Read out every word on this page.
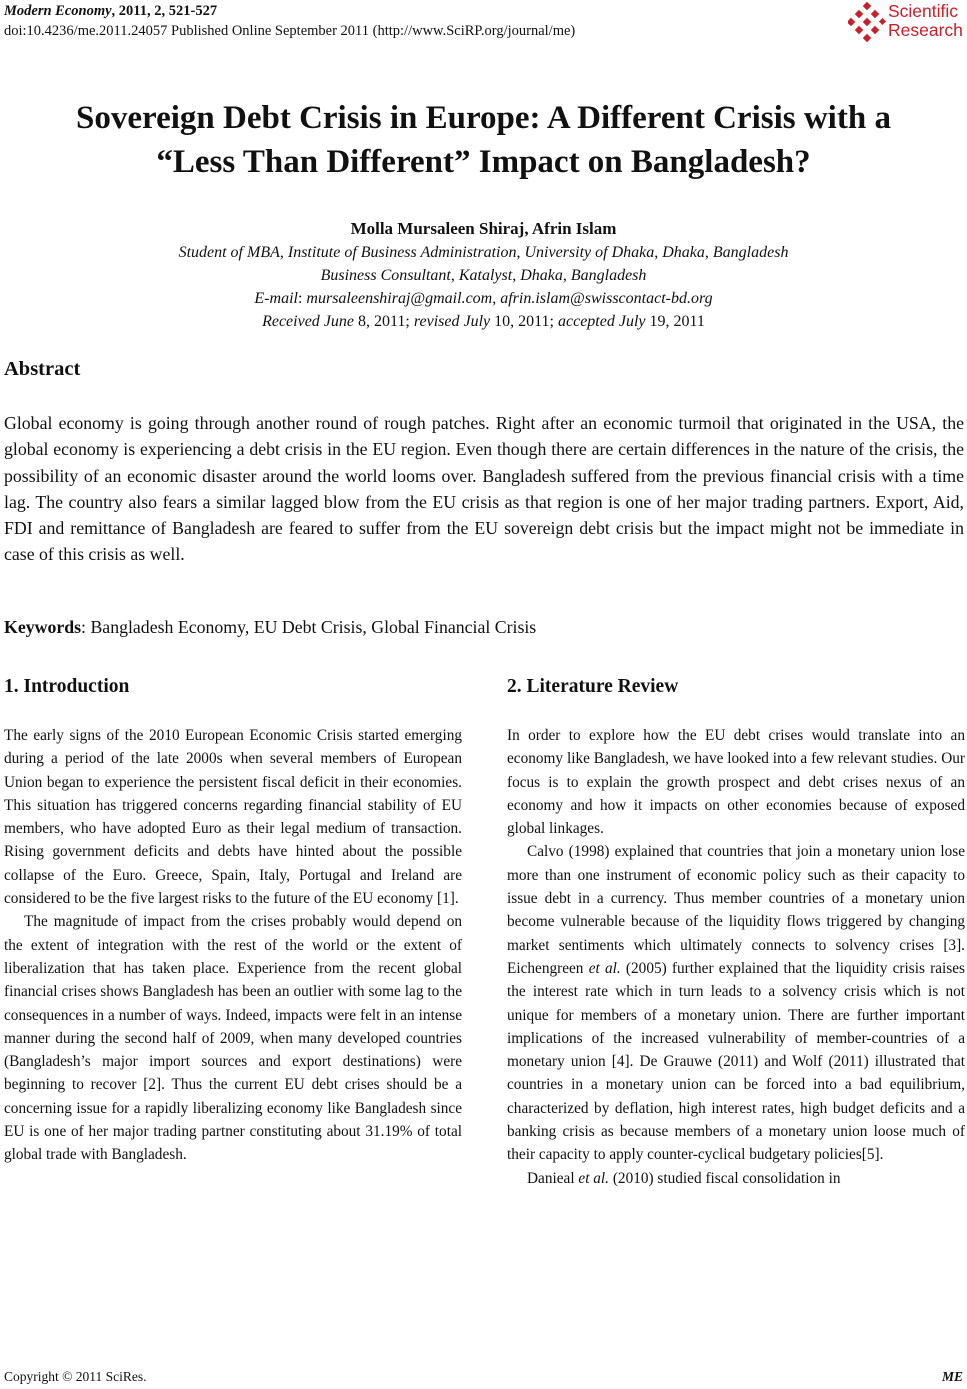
Modern Economy, 2011, 2, 521-527
doi:10.4236/me.2011.24057 Published Online September 2011 (http://www.SciRP.org/journal/me)
Scientific
Research
Sovereign Debt Crisis in Europe: A Different Crisis with a
“Less Than Different” Impact on Bangladesh?
Molla Mursaleen Shiraj, Afrin Islam
Student of MBA, Institute of Business Administration, University of Dhaka, Dhaka, Bangladesh
Business Consultant, Katalyst, Dhaka, Bangladesh
E-mail: mursaleenshiraj@gmail.com, afrin.islam@swisscontact-bd.org
Received June 8, 2011; revised July 10, 2011; accepted July 19, 2011
Abstract
Global economy is going through another round of rough patches. Right after an economic turmoil that originated in the USA, the global economy is experiencing a debt crisis in the EU region. Even though there are certain differences in the nature of the crisis, the possibility of an economic disaster around the world looms over. Bangladesh suffered from the previous financial crisis with a time lag. The country also fears a similar lagged blow from the EU crisis as that region is one of her major trading partners. Export, Aid, FDI and remittance of Bangladesh are feared to suffer from the EU sovereign debt crisis but the impact might not be immediate in case of this crisis as well.
Keywords: Bangladesh Economy, EU Debt Crisis, Global Financial Crisis
1. Introduction

The early signs of the 2010 European Economic Crisis started emerging during a period of the late 2000s when several members of European Union began to experience the persistent fiscal deficit in their economies. This situation has triggered concerns regarding financial stability of EU members, who have adopted Euro as their legal medium of transaction. Rising government deficits and debts have hinted about the possible collapse of the Euro. Greece, Spain, Italy, Portugal and Ireland are considered to be the five largest risks to the future of the EU economy [1].

The magnitude of impact from the crises probably would depend on the extent of integration with the rest of the world or the extent of liberalization that has taken place. Experience from the recent global financial crises shows Bangladesh has been an outlier with some lag to the consequences in a number of ways. Indeed, impacts were felt in an intense manner during the second half of 2009, when many developed countries (Bangladesh’s major import sources and export destinations) were beginning to recover [2]. Thus the current EU debt crises should be a concerning issue for a rapidly liberalizing economy like Bangladesh since EU is one of her major trading partner constituting about 31.19% of total global trade with Bangladesh.

2. Literature Review

In order to explore how the EU debt crises would translate into an economy like Bangladesh, we have looked into a few relevant studies. Our focus is to explain the growth prospect and debt crises nexus of an economy and how it impacts on other economies because of exposed global linkages.

Calvo (1998) explained that countries that join a monetary union lose more than one instrument of economic policy such as their capacity to issue debt in a currency. Thus member countries of a monetary union become vulnerable because of the liquidity flows triggered by changing market sentiments which ultimately connects to solvency crises [3]. Eichengreen et al. (2005) further explained that the liquidity crisis raises the interest rate which in turn leads to a solvency crisis which is not unique for members of a monetary union. There are further important implications of the increased vulnerability of member-countries of a monetary union [4]. De Grauwe (2011) and Wolf (2011) illustrated that countries in a monetary union can be forced into a bad equilibrium, characterized by deflation, high interest rates, high budget deficits and a banking crisis as because members of a monetary union loose much of their capacity to apply counter-cyclical budgetary policies[5].

Danieal et al. (2010) studied fiscal consolidation in

Copyright © 2011 SciRes.	ME
